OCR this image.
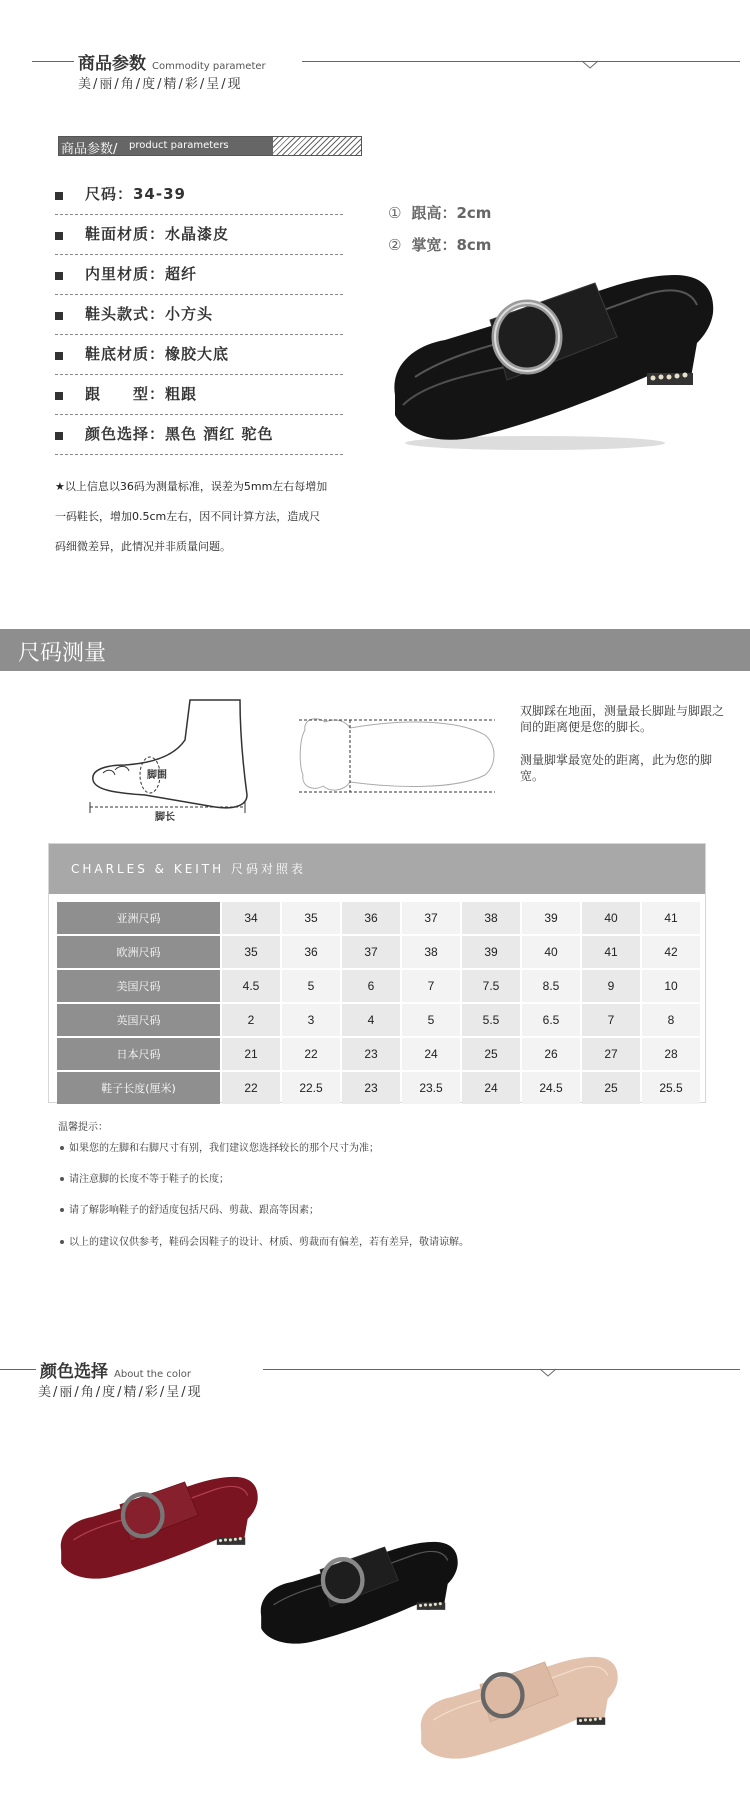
商品参数 Commodity parameter
美/丽/角/度/精/彩/呈/现
商品参数/ product parameters
尺码：34-39
鞋面材质：水晶漆皮
内里材质：超纤
鞋头款式：小方头
鞋底材质：橡胶大底
跟　　型：粗跟
颜色选择：黑色 酒红 驼色
① 跟高：2cm
② 掌宽：8cm
★以上信息以36码为测量标准，误差为5mm左右每增加
一码鞋长，增加0.5cm左右，因不同计算方法，造成尺
码细微差异，此情况并非质量问题。
尺码测量
脚围
脚长
双脚踩在地面，测量最长脚趾与脚跟之间的距离便是您的脚长。
测量脚掌最宽处的距离，此为您的脚宽。
CHARLES & KEITH 尺码对照表
亚洲尺码	34	35	36	37	38	39	40	41
欧洲尺码	35	36	37	38	39	40	41	42
美国尺码	4.5	5	6	7	7.5	8.5	9	10
英国尺码	2	3	4	5	5.5	6.5	7	8
日本尺码	21	22	23	24	25	26	27	28
鞋子长度(厘米)	22	22.5	23	23.5	24	24.5	25	25.5
温馨提示：
如果您的左脚和右脚尺寸有别，我们建议您选择较长的那个尺寸为准；
请注意脚的长度不等于鞋子的长度；
请了解影响鞋子的舒适度包括尺码、剪裁、跟高等因素；
以上的建议仅供参考，鞋码会因鞋子的设计、材质、剪裁而有偏差，若有差异，敬请谅解。
颜色选择 About the color
美/丽/角/度/精/彩/呈/现
